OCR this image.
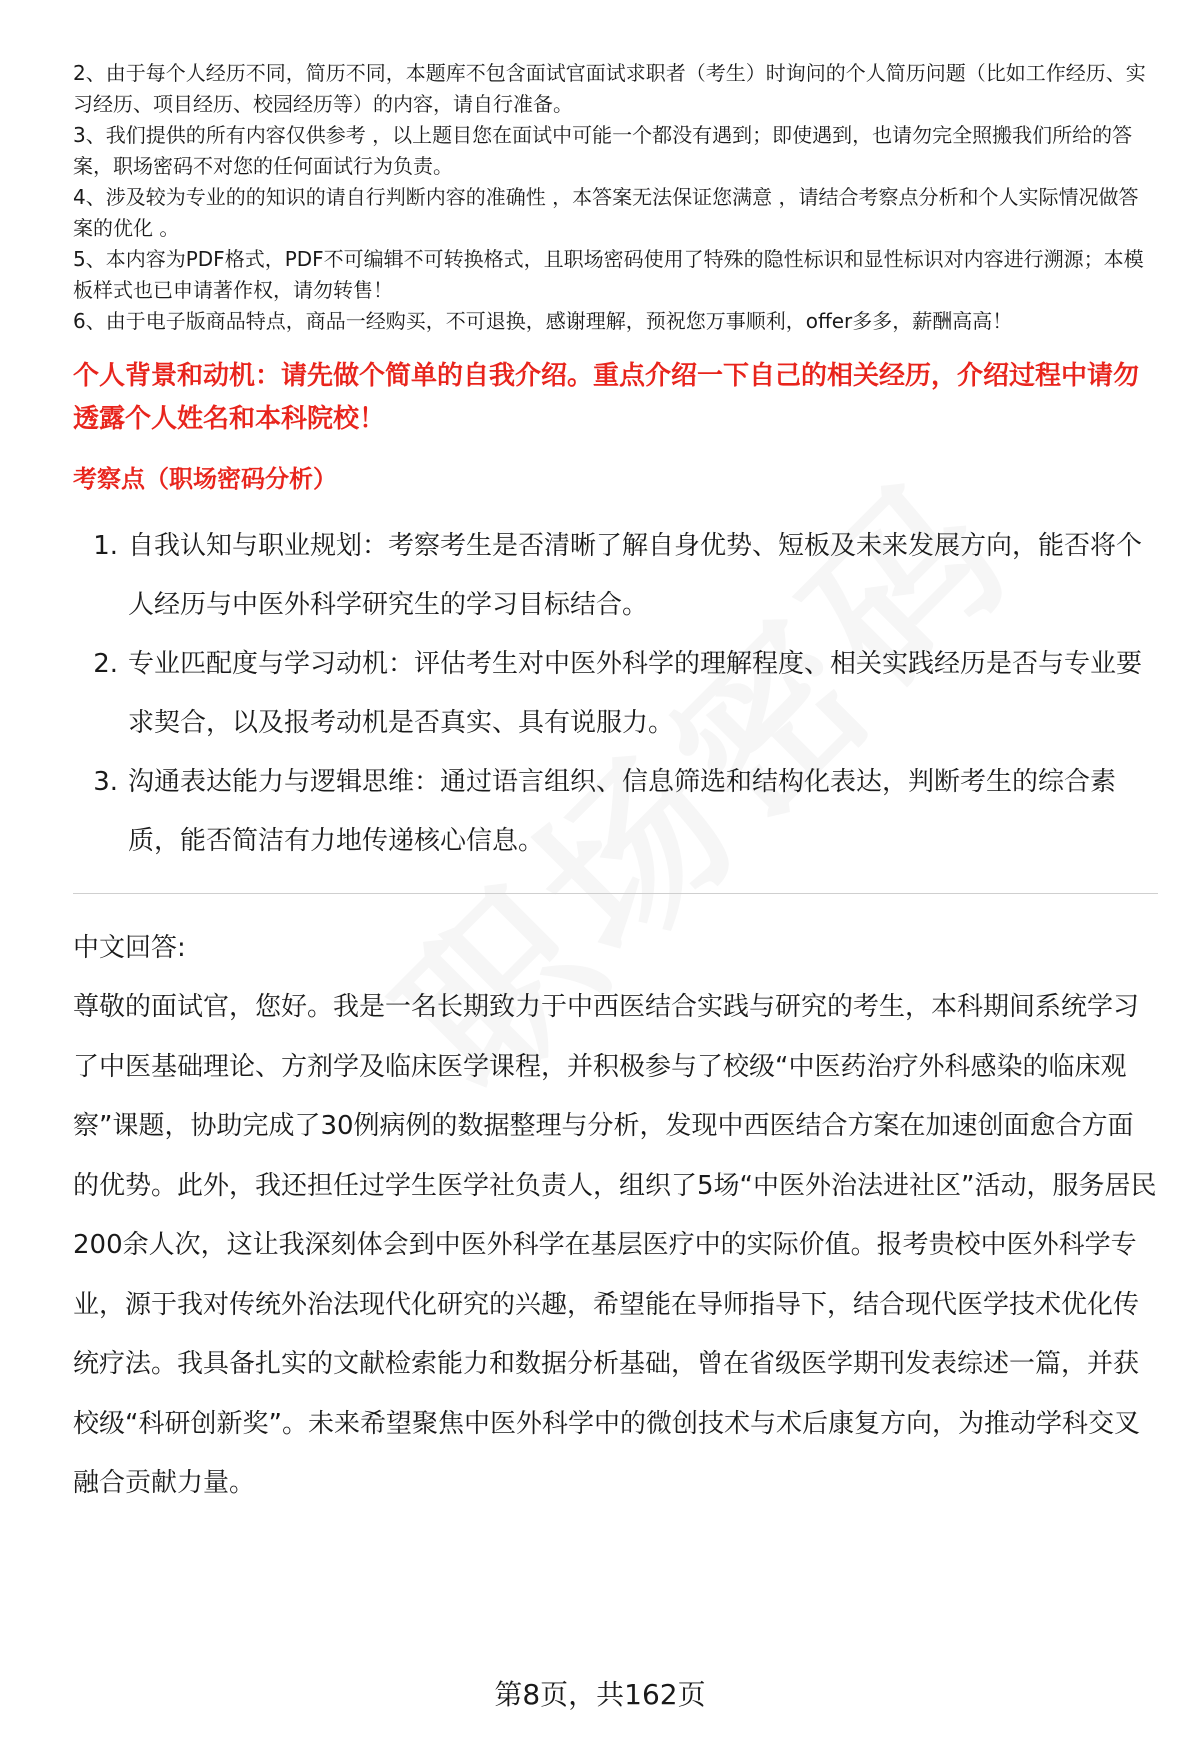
2、由于每个人经历不同，简历不同，本题库不包含面试官面试求职者（考生）时询问的个人简历问题（比如工作经历、实习经历、项目经历、校园经历等）的内容，请自行准备。

3、我们提供的所有内容仅供参考 ，以上题目您在面试中可能一个都没有遇到；即使遇到，也请勿完全照搬我们所给的答案，职场密码不对您的任何面试行为负责。

4、涉及较为专业的的知识的请自行判断内容的准确性 ，本答案无法保证您满意 ，请结合考察点分析和个人实际情况做答案的优化 。

5、本内容为PDF格式，PDF不可编辑不可转换格式，且职场密码使用了特殊的隐性标识和显性标识对内容进行溯源；本模板样式也已申请著作权，请勿转售！

6、由于电子版商品特点，商品一经购买，不可退换，感谢理解，预祝您万事顺利，offer多多，薪酬高高！

个人背景和动机：请先做个简单的自我介绍。重点介绍一下自己的相关经历，介绍过程中请勿透露个人姓名和本科院校！
考察点（职场密码分析）
1. 自我认知与职业规划：考察考生是否清晰了解自身优势、短板及未来发展方向，能否将个人经历与中医外科学研究生的学习目标结合。
2. 专业匹配度与学习动机：评估考生对中医外科学的理解程度、相关实践经历是否与专业要求契合，以及报考动机是否真实、具有说服力。
3. 沟通表达能力与逻辑思维：通过语言组织、信息筛选和结构化表达，判断考生的综合素质，能否简洁有力地传递核心信息。
中文回答:
尊敬的面试官，您好。我是一名长期致力于中西医结合实践与研究的考生，本科期间系统学习了中医基础理论、方剂学及临床医学课程，并积极参与了校级“中医药治疗外科感染的临床观察”课题，协助完成了30例病例的数据整理与分析，发现中西医结合方案在加速创面愈合方面的优势。此外，我还担任过学生医学社负责人，组织了5场“中医外治法进社区”活动，服务居民200余人次，这让我深刻体会到中医外科学在基层医疗中的实际价值。报考贵校中医外科学专业，源于我对传统外治法现代化研究的兴趣，希望能在导师指导下，结合现代医学技术优化传统疗法。我具备扎实的文献检索能力和数据分析基础，曾在省级医学期刊发表综述一篇，并获校级“科研创新奖”。未来希望聚焦中医外科学中的微创技术与术后康复方向，为推动学科交叉融合贡献力量。
第8页，共162页
